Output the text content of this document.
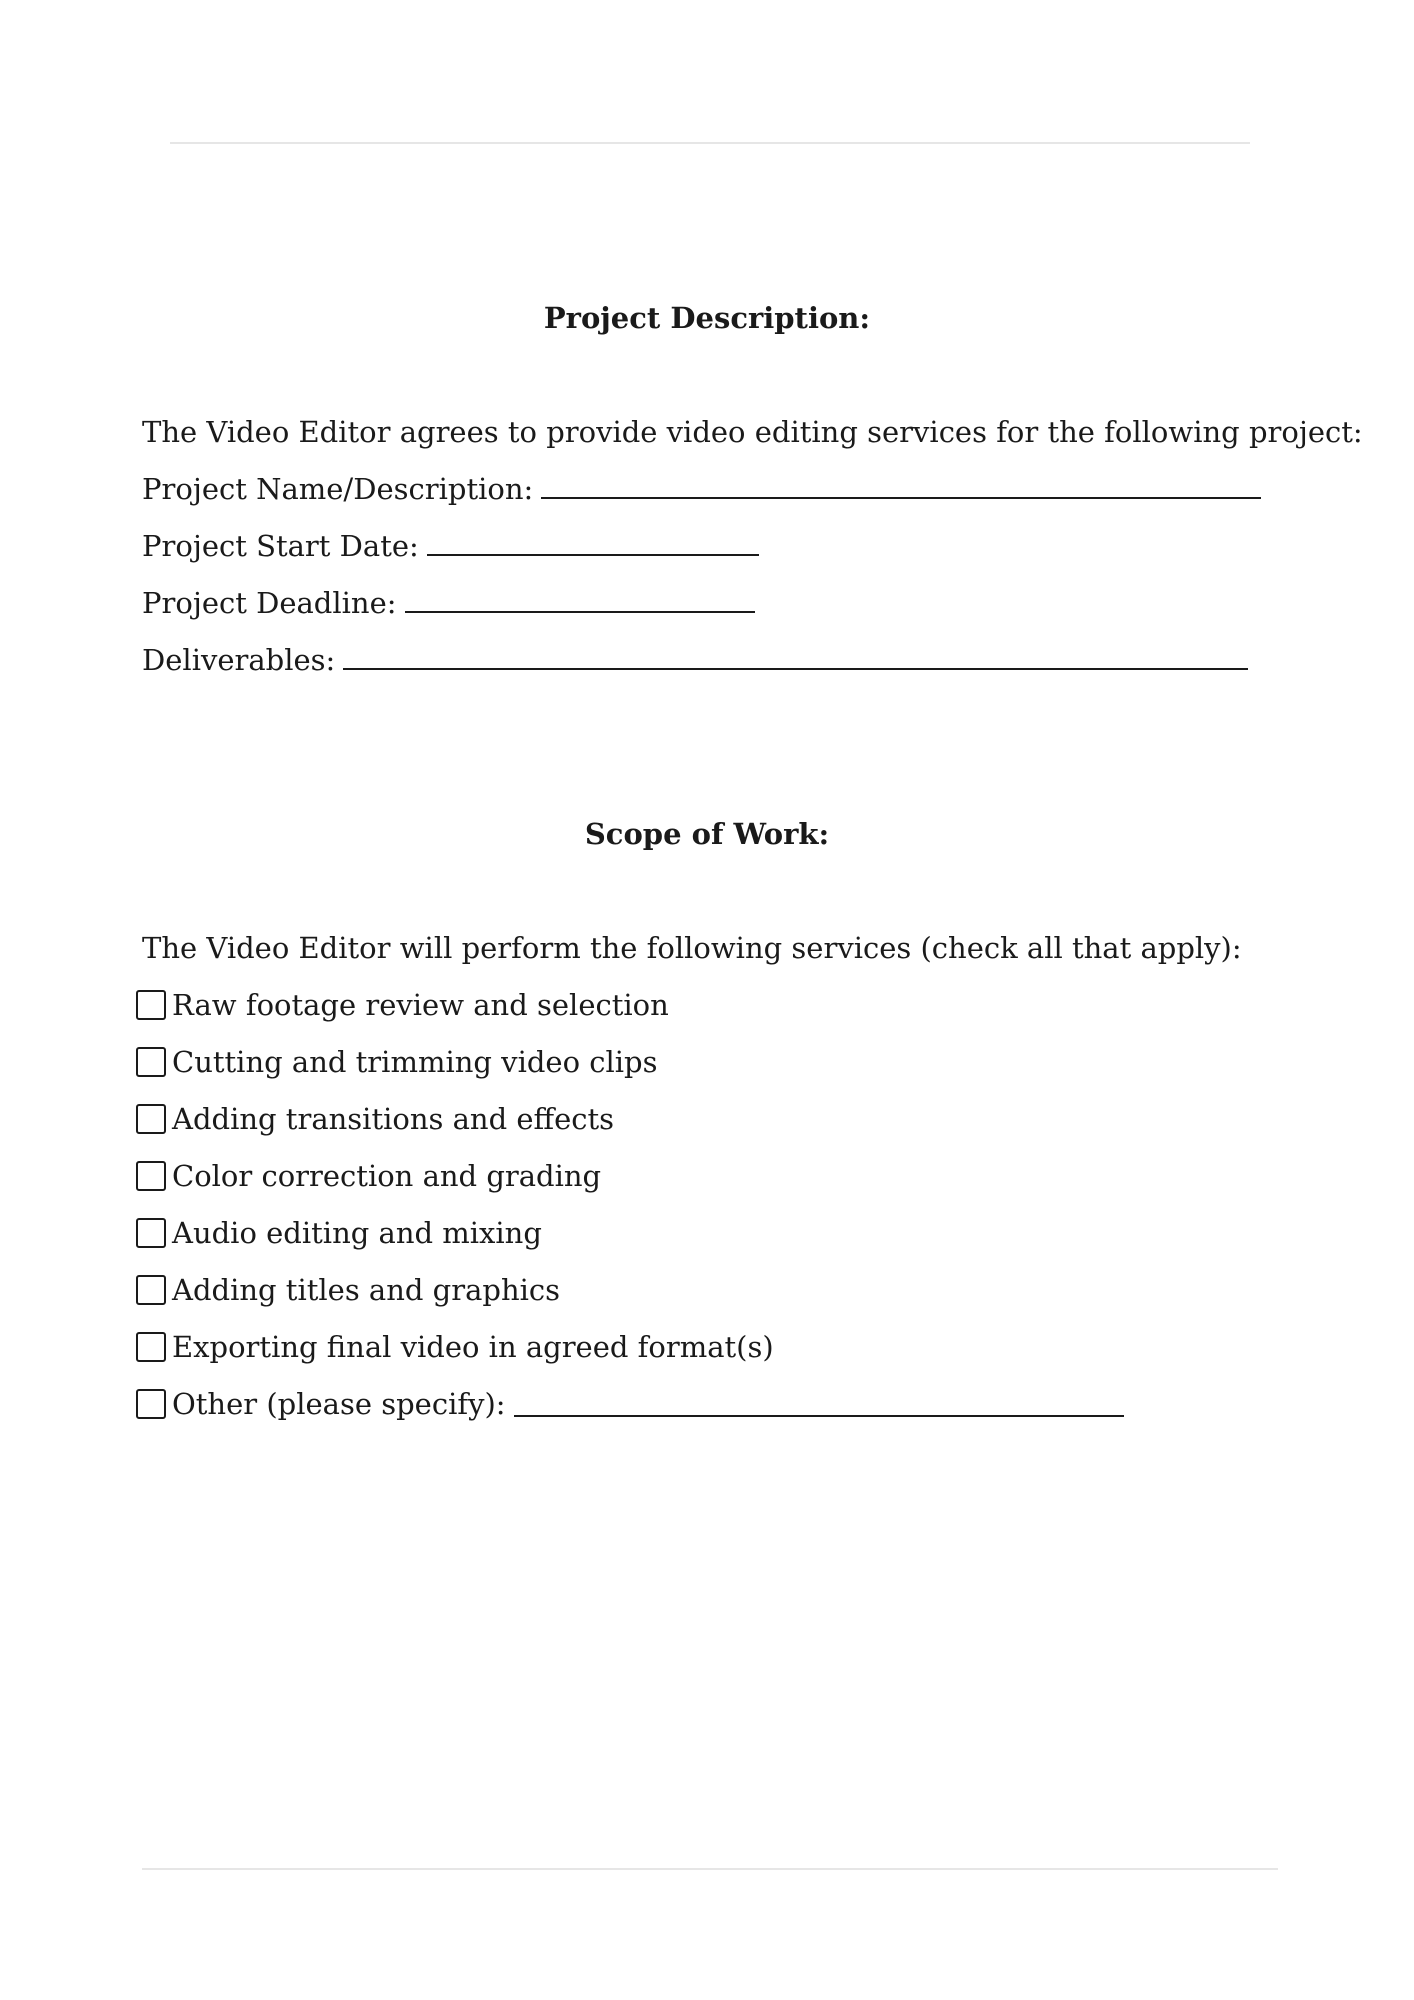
Project Description:
The Video Editor agrees to provide video editing services for the following project:
Project Name/Description:
Project Start Date:
Project Deadline:
Deliverables:
Scope of Work:
The Video Editor will perform the following services (check all that apply):
Raw footage review and selection
Cutting and trimming video clips
Adding transitions and effects
Color correction and grading
Audio editing and mixing
Adding titles and graphics
Exporting final video in agreed format(s)
Other (please specify):
